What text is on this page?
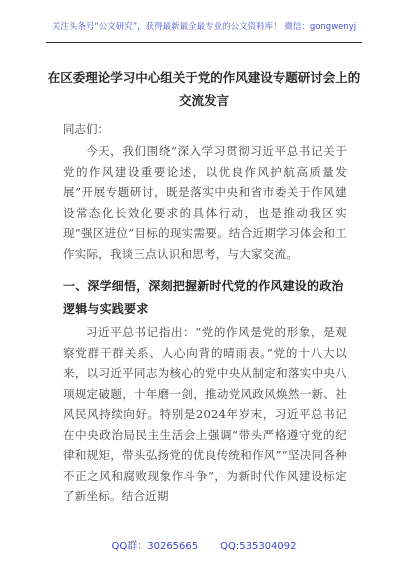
关注头条号“公文研究”，获得最新最全最专业的公文资料库！ 微信：gongwenyj
在区委理论学习中心组关于党的作风建设专题研讨会上的
交流发言
同志们：

今天，我们围绕“深入学习贯彻习近平总书记关于党的作风建设重要论述，以优良作风护航高质量发展”开展专题研讨，既是落实中央和省市委关于作风建设常态化长效化要求的具体行动，也是推动我区实现“强区进位”目标的现实需要。结合近期学习体会和工作实际，我谈三点认识和思考，与大家交流。

一、深学细悟，深刻把握新时代党的作风建设的政治逻辑与实践要求

习近平总书记指出：“党的作风是党的形象，是观察党群干群关系、人心向背的晴雨表。”党的十八大以来，以习近平同志为核心的党中央从制定和落实中央八项规定破题，十年磨一剑，推动党风政风焕然一新、社风民风持续向好。特别是2024年岁末，习近平总书记在中央政治局民主生活会上强调“带头严格遵守党的纪律和规矩，带头弘扬党的优良传统和作风”“坚决同各种不正之风和腐败现象作斗争”，为新时代作风建设标定了新坐标。结合近期

QQ群：30265665 QQ:535304092
